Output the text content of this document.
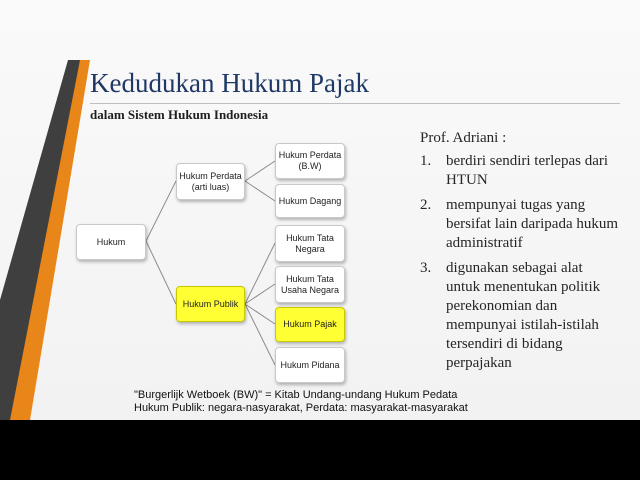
Kedudukan Hukum Pajak
dalam Sistem Hukum Indonesia
Hukum
Hukum Perdata (arti luas)
Hukum Publik
Hukum Perdata (B.W)
Hukum Dagang
Hukum Tata Negara
Hukum Tata Usaha Negara
Hukum Pajak
Hukum Pidana
Prof. Adriani :
1. berdiri sendiri terlepas dari HTUN
2. mempunyai tugas yang bersifat lain daripada hukum administratif
3. digunakan sebagai alat untuk menentukan politik perekonomian dan mempunyai istilah-istilah tersendiri di bidang perpajakan
"Burgerlijk Wetboek (BW)" = Kitab Undang-undang Hukum Pedata
Hukum Publik: negara-nasyarakat, Perdata: masyarakat-masyarakat
